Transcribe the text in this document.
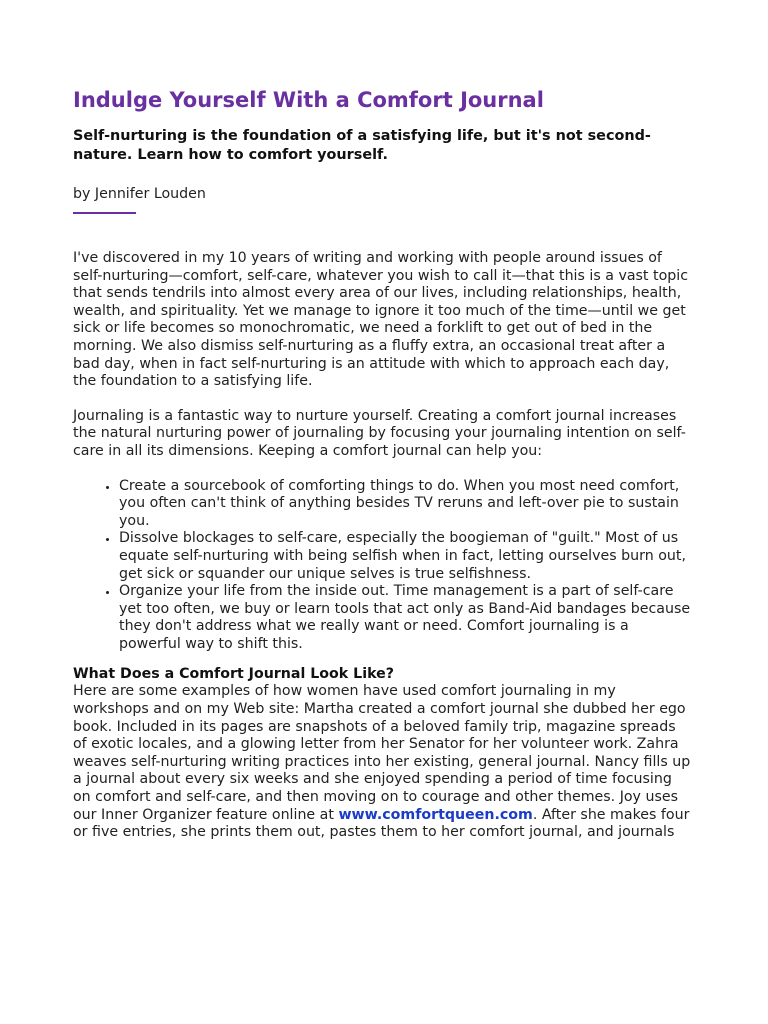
Indulge Yourself With a Comfort Journal

Self-nurturing is the foundation of a satisfying life, but it's not second-nature. Learn how to comfort yourself.

by Jennifer Louden

I've discovered in my 10 years of writing and working with people around issues of self-nurturing—comfort, self-care, whatever you wish to call it—that this is a vast topic that sends tendrils into almost every area of our lives, including relationships, health, wealth, and spirituality. Yet we manage to ignore it too much of the time—until we get sick or life becomes so monochromatic, we need a forklift to get out of bed in the morning. We also dismiss self-nurturing as a fluffy extra, an occasional treat after a bad day, when in fact self-nurturing is an attitude with which to approach each day, the foundation to a satisfying life.

Journaling is a fantastic way to nurture yourself. Creating a comfort journal increases the natural nurturing power of journaling by focusing your journaling intention on self-care in all its dimensions. Keeping a comfort journal can help you:

• Create a sourcebook of comforting things to do. When you most need comfort, you often can't think of anything besides TV reruns and left-over pie to sustain you.
• Dissolve blockages to self-care, especially the boogieman of "guilt." Most of us equate self-nurturing with being selfish when in fact, letting ourselves burn out, get sick or squander our unique selves is true selfishness.
• Organize your life from the inside out. Time management is a part of self-care yet too often, we buy or learn tools that act only as Band-Aid bandages because they don't address what we really want or need. Comfort journaling is a powerful way to shift this.

What Does a Comfort Journal Look Like?

Here are some examples of how women have used comfort journaling in my workshops and on my Web site: Martha created a comfort journal she dubbed her ego book. Included in its pages are snapshots of a beloved family trip, magazine spreads of exotic locales, and a glowing letter from her Senator for her volunteer work. Zahra weaves self-nurturing writing practices into her existing, general journal. Nancy fills up a journal about every six weeks and she enjoyed spending a period of time focusing on comfort and self-care, and then moving on to courage and other themes. Joy uses our Inner Organizer feature online at www.comfortqueen.com. After she makes four or five entries, she prints them out, pastes them to her comfort journal, and journals
